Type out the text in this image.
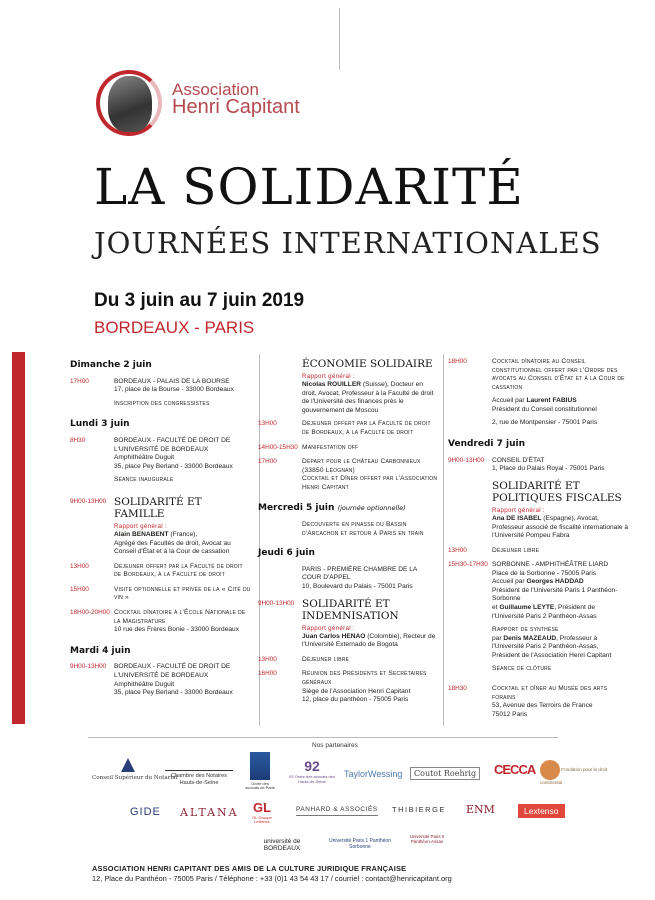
Association
Henri Capitant
LA SOLIDARITÉ
JOURNÉES INTERNATIONALES
Du 3 juin au 7 juin 2019
BORDEAUX - PARIS
Dimanche 2 juin
17H00	BORDEAUX - PALAIS DE LA BOURSE
17, place de la Bourse - 33000 Bordeaux
Inscription des congressistes
Lundi 3 juin
8H30	BORDEAUX - FACULTÉ DE DROIT DE L'UNIVERSITÉ DE BORDEAUX
Amphithéâtre Duguit
35, place Pey Berland - 33000 Bordeaux
Séance inaugurale
9H00-13H00 SOLIDARITÉ ET FAMILLE
Rapport général :
Alain BENABENT (France),
Agrégé des Facultés de droit, Avocat au Conseil d'État et à la Cour de cassation
13H00	Déjeuner offert par la Faculté de droit de Bordeaux, à la Faculté de droit
15H00	Visite optionnelle et privée de la « Cité du vin »
18H00-20H00 Cocktail dînatoire à l'École Nationale de la Magistrature
10 rue des Frères Bonie - 33000 Bordeaux
Mardi 4 juin
9H00-13H00	BORDEAUX - FACULTÉ DE DROIT DE L'UNIVERSITÉ DE BORDEAUX
Amphithéâtre Duguit
35, place Pey Berland - 33000 Bordeaux
ÉCONOMIE SOLIDAIRE
Rapport général :
Nicolas ROUILLER (Suisse), Docteur en droit, Avocat, Professeur à la Faculté de droit de l'Université des finances près le gouvernement de Moscou
13H00	Déjeuner offert par la Faculté de droit de Bordeaux, à la Faculté de droit
14H00-15H30 Manifestation off
17H00	Départ pour le Château Carbonnieux (33850 Léognan)
Cocktail et Dîner offert par l'Association Henri Capitant
Mercredi 5 juin (journée optionnelle)
Découverte en pinasse du Bassin d'Arcachon et retour à Paris en train
Jeudi 6 juin
PARIS - PREMIÈRE CHAMBRE DE LA COUR D'APPEL
10, Boulevard du Palais - 75001 Paris
9H00-13H00 SOLIDARITÉ ET INDEMNISATION
Rapport général :
Juan Carlos HENAO (Colombie), Recteur de l'Université Externado de Bogota
13H00	Déjeuner libre
16H00	Réunion des Présidents et Secrétaires généraux
Siège de l'Association Henri Capitant
12, place du panthéon - 75005 Paris
18H00	Cocktail dînatoire au Conseil constitutionnel offert par l'Ordre des avocats au Conseil d'État et à la Cour de cassation
Accueil par Laurent FABIUS
Président du Conseil constitutionnel
2, rue de Montpensier - 75001 Paris
Vendredi 7 juin
9H00-13H00	CONSEIL D'ÉTAT
1, Place du Palais Royal - 75001 Paris
SOLIDARITÉ ET POLITIQUES FISCALES
Rapport général :
Ana DE ISABEL (Espagne), Avocat, Professeur associé de fiscalité internationale à l'Université Pompeu Fabra
13H00	Déjeuner libre
15H30-17H30 SORBONNE - AMPHITHÉÂTRE LIARD
Place de la Sorbonne - 75005 Paris
Accueil par Georges HADDAD
Président de l'Université Paris 1 Panthéon-Sorbonne
et Guillaume LEYTE, Président de l'Université Paris 2 Panthéon-Assas
Rapport de synthèse
par Denis MAZEAUD, Professeur à l'Université Paris 2 Panthéon-Assas, Président de l'Association Henri Capitant
Séance de clôture
18H30	Cocktail et dîner au Musée des arts forains
53, Avenue des Terroirs de France
75012 Paris
Nos partenaires
Conseil Supérieur du Notariat
Chambre des Notaires Hauts-de-Seine	Ordre des avocats de Paris
92
92 Ordre des avocats des Hauts-de-Seine
TaylorWessing	Coutot Roehrig	CECCA	Fondation pour le droit continental
GIDE ALTANA GL
GL Groupe Lefebvre
PANHARD & ASSOCIÉS THIBIERGE ENM	Lextenso
université de BORDEAUX
Université Paris 1 Panthéon Sorbonne
Université Paris II Panthéon-Assas
ASSOCIATION HENRI CAPITANT DES AMIS DE LA CULTURE JURIDIQUE FRANÇAISE
12, Place du Panthéon - 75005 Paris / Téléphone : +33 (0)1 43 54 43 17 / courriel : contact@henricapitant.org
